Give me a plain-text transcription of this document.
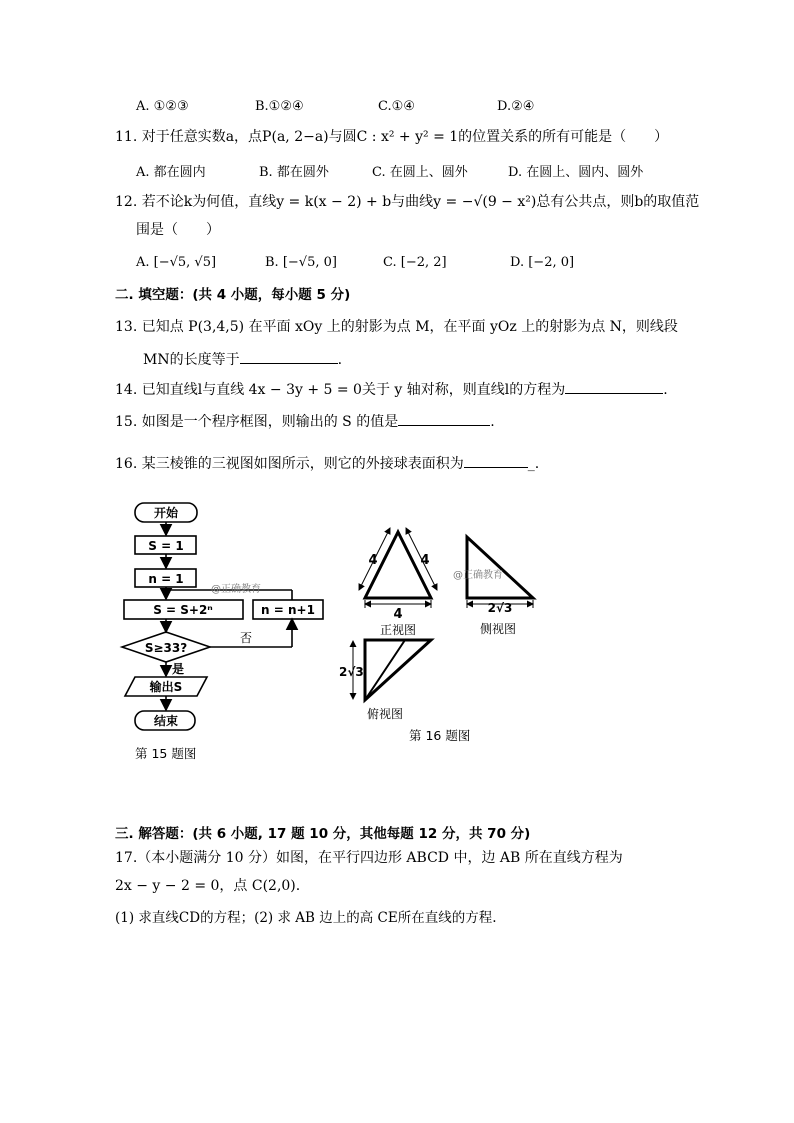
A. ①②③	B.①②④	C.①④	D.②④
11. 对于任意实数a，点P(a, 2−a)与圆C : x² + y² = 1的位置关系的所有可能是（　　）
A. 都在圆内	B. 都在圆外	C. 在圆上、圆外	D. 在圆上、圆内、圆外
12. 若不论k为何值，直线y = k(x − 2) + b与曲线y = −√(9 − x²)总有公共点，则b的取值范
围是（　　）
A. [−√5, √5]	B. [−√5, 0]	C. [−2, 2]	D. [−2, 0]
二. 填空题：(共 4 小题，每小题 5 分)
13. 已知点 P(3,4,5) 在平面 xOy 上的射影为点 M，在平面 yOz 上的射影为点 N，则线段
MN的长度等于	.
14. 已知直线l与直线 4x − 3y + 5 = 0关于 y 轴对称，则直线l的方程为	.
15. 如图是一个程序框图，则输出的 S 的值是	.
16. 某三棱锥的三视图如图所示，则它的外接球表面积为	_.
开始
S = 1
n = 1
S = S+2ⁿ	n = n+1
S≥33?
否
是
输出S
结束
@正确教育
第 15 题图
4	4
4
正视图
2√3
侧视图
@正确教育
2√3
俯视图
第 16 题图
三. 解答题：(共 6 小题, 17 题 10 分，其他每题 12 分，共 70 分)
17.（本小题满分 10 分）如图，在平行四边形 ABCD 中，边 AB 所在直线方程为
2x − y − 2 = 0，点 C(2,0).
(1) 求直线CD的方程；(2) 求 AB 边上的高 CE所在直线的方程.
